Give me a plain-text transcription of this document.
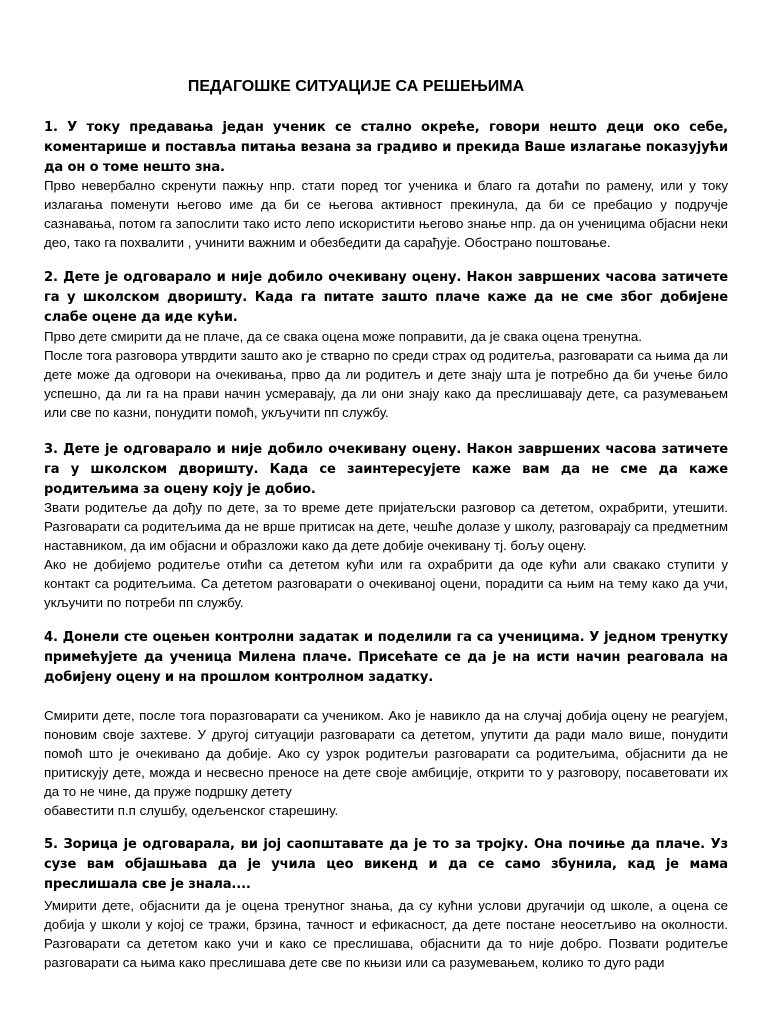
ПЕДАГОШКЕ СИТУАЦИЈЕ СА РЕШЕЊИМА
1. У току предавања један ученик се стално окреће, говори нешто деци око себе, коментарише и поставља питања везана за градиво и прекида Ваше излагање показујући да он о томе нешто зна.

Прво невербално скренути пажњу нпр. стати поред тог ученика и благо га дотаћи по рамену, или у току излагања поменути његово име да би се његова активност прекинула, да би се пребацио у подручје сазнавања, потом га запослити тако исто лепо искористити његово знање нпр. да он ученицима објасни неки део, тако га похвалити , учинити важним и обезбедити да сарађује. Обострано поштовање.

2. Дете је одговарало и није добило очекивану оцену. Након завршених часова затичете га у школском дворишту. Када га питате зашто плаче каже да не сме због добијене слабе оцене да иде кући.

Прво дете смирити да не плаче, да се свака оцена може поправити, да је свака оцена тренутна.

После тога разговора утврдити зашто ако је стварно по среди страх од родитеља, разговарати са њима да ли дете може да одговори на очекивања, прво да ли родитељ и дете знају шта је потребно да би учење било успешно, да ли га на прави начин усмеравају, да ли они знају како да преслишавају дете, са разумевањем или све по казни, понудити помоћ, укључити пп службу.

3. Дете је одговарало и није добило очекивану оцену. Након завршених часова затичете га у школском дворишту. Када се заинтересујете каже вам да не сме да каже родитељима за оцену коју је добио.

Звати родитеље да дођу по дете, за то време дете пријатељски разговор са дететом, охрабрити, утешити. Разговарати са родитељима да не врше притисак на дете, чешће долазе у школу, разговарају са предметним наставником, да им објасни и образложи како да дете добије очекивану тј. бољу оцену.

Ако не добијемо родитеље отићи са дететом кући или га охрабрити да оде кући али свакако ступити у контакт са родитељима. Са дететом разговарати о очекиваној оцени, порадити са њим на тему како да учи, укључити по потреби пп службу.

4. Донели сте оцењен контролни задатак и поделили га са ученицима. У једном тренутку примећујете да ученица Милена плаче. Присећате се да је на исти начин реаговала на добијену оцену и на прошлом контролном задатку.

Смирити дете, после тога поразговарати са учеником. Ако је навикло да на случај добија оцену не реагујем, поновим своје захтеве. У другој ситуацији разговарати са дететом, упутити да ради мало више, понудити помоћ што је очекивано да добије. Ако су узрок родитељи разговарати са родитељима, објаснити да не притискују дете, можда и несвесно преносе на дете своје амбиције, открити то у разговору, посаветовати их да то не чине, да пруже подршку детету

обавестити п.п слушбу, одељенског старешину.

5. Зорица је одговарала, ви јој саопштавате да је то за тројку. Она почиње да плаче. Уз сузе вам објашњава да је учила цео викенд и да се само збунила, кад је мама преслишала све је знала....

Умирити дете, објаснити да је оцена тренутног знања, да су кућни услови другачији од школе, а оцена се добија у школи у којој се тражи, брзина, тачност и ефикасност, да дете постане неосетљиво на околности. Разговарати са дететом како учи и како се преслишава, објаснити да то није добро. Позвати родитеље разговарати са њима како преслишава дете све по књизи или са разумевањем, колико то дуго ради
